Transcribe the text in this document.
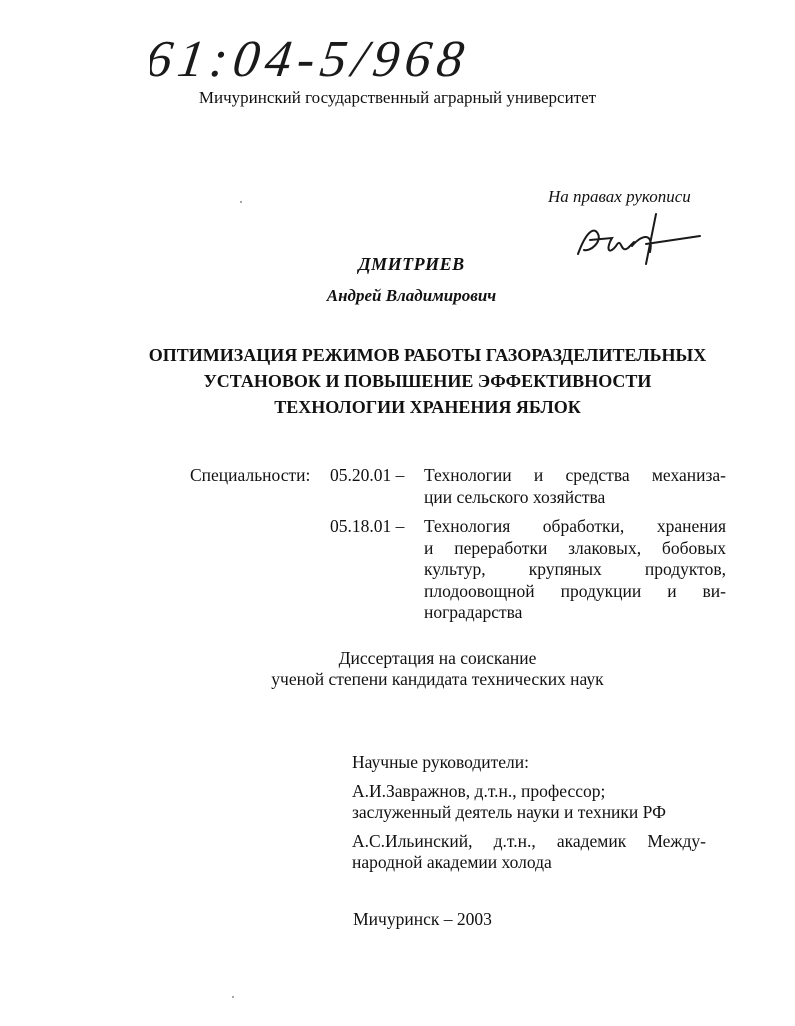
61:04-5/968
Мичуринский государственный аграрный университет
На правах рукописи
ДМИТРИЕВ
Андрей Владимирович
ОПТИМИЗАЦИЯ РЕЖИМОВ РАБОТЫ ГАЗОРАЗДЕЛИТЕЛЬНЫХ
УСТАНОВОК И ПОВЫШЕНИЕ ЭФФЕКТИВНОСТИ
ТЕХНОЛОГИИ ХРАНЕНИЯ ЯБЛОК
Специальности: 05.20.01 – Технологии и средства механиза-
ции сельского хозяйства
05.18.01 – Технология обработки, хранения
и переработки злаковых, бобовых
культур, крупяных продуктов,
плодоовощной продукции и ви-
ноградарства
Диссертация на соискание
ученой степени кандидата технических наук
Научные руководители:
А.И.Завражнов, д.т.н., профессор;
заслуженный деятель науки и техники РФ
А.С.Ильинский, д.т.н., академик Между-
народной академии холода
Мичуринск – 2003
